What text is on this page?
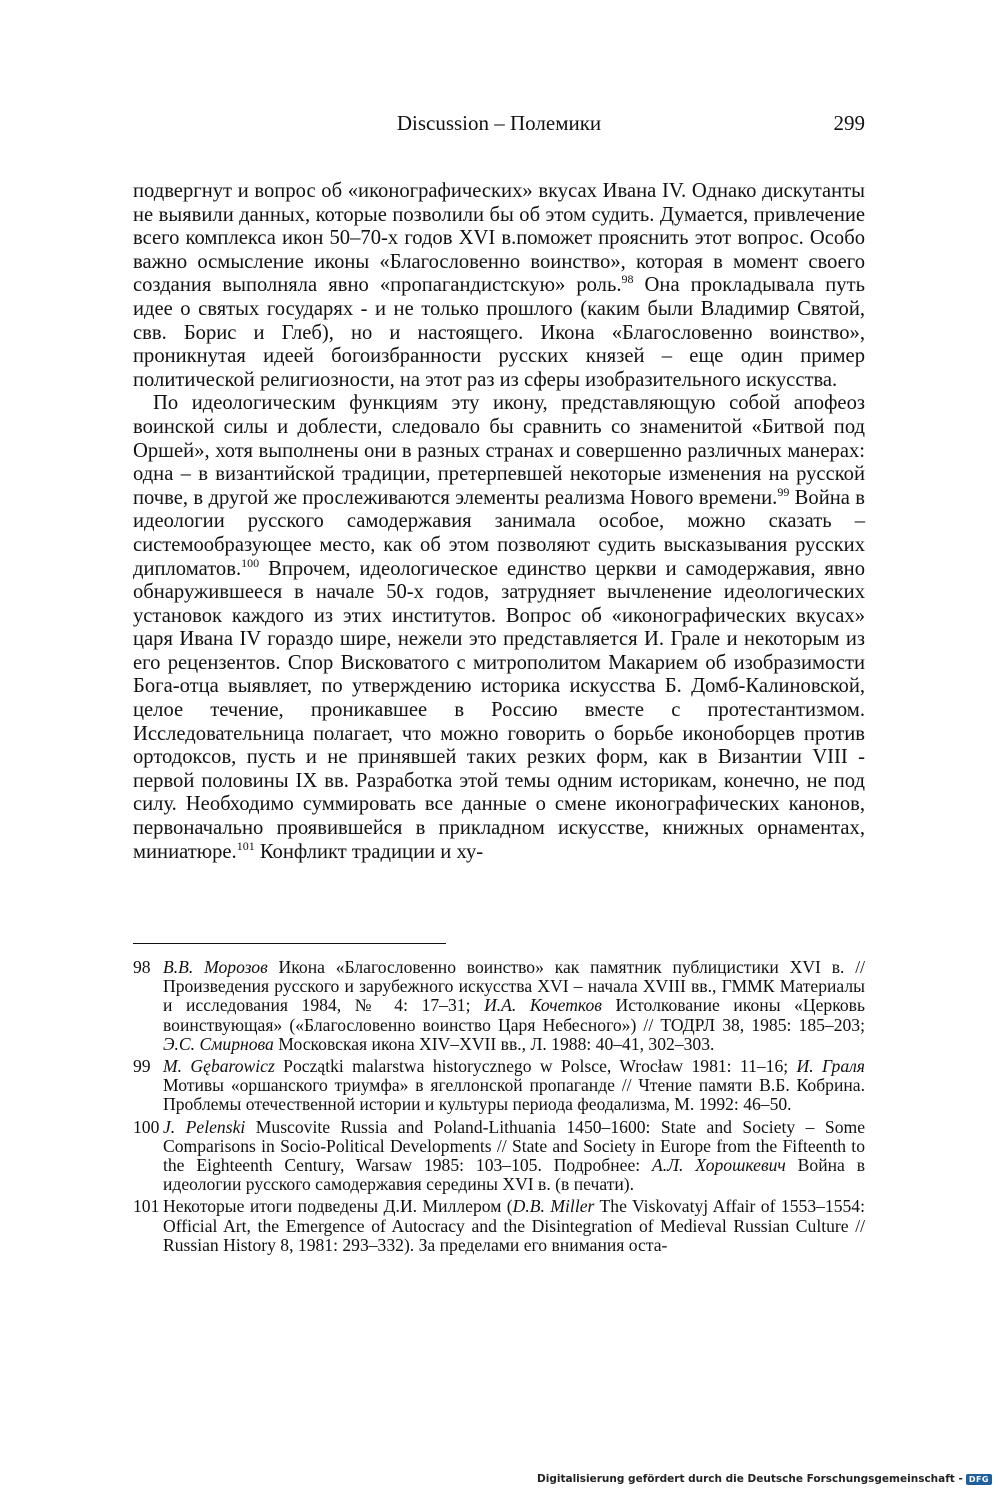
Discussion – Полемики	299

подвергнут и вопрос об «иконографических» вкусах Ивана IV. Однако дискутанты не выявили данных, которые позволили бы об этом судить. Думается, привлечение всего комплекса икон 50–70-х годов XVI в.поможет прояснить этот вопрос. Особо важно осмысление иконы «Благословенно воинство», которая в момент своего создания выполняла явно «пропагандистскую» роль.$^{98}$ Она прокладывала путь идее о святых государях - и не только прошлого (каким были Владимир Святой, свв. Борис и Глеб), но и настоящего. Икона «Благословенно воинство», проникнутая идеей богоизбранности русских князей – еще один пример политической религиозности, на этот раз из сферы изобразительного искусства.

По идеологическим функциям эту икону, представляющую собой апофеоз воинской силы и доблести, следовало бы сравнить со знаменитой «Битвой под Оршей», хотя выполнены они в разных странах и совершенно различных манерах: одна – в византийской традиции, претерпевшей некоторые изменения на русской почве, в другой же прослеживаются элементы реализма Нового времени.$^{99}$ Война в идеологии русского самодержавия занимала особое, можно сказать – системообразующее место, как об этом позволяют судить высказывания русских дипломатов.$^{100}$ Впрочем, идеологическое единство церкви и самодержавия, явно обнаружившееся в начале 50-х годов, затрудняет вычленение идеологических установок каждого из этих институтов. Вопрос об «иконографических вкусах» царя Ивана IV гораздо шире, нежели это представляется И. Грале и некоторым из его рецензентов. Спор Висковатого с митрополитом Макарием об изобразимости Бога-отца выявляет, по утверждению историка искусства Б. Домб-Калиновской, целое течение, проникавшее в Россию вместе с протестантизмом. Исследовательница полагает, что можно говорить о борьбе иконоборцев против ортодоксов, пусть и не принявшей таких резких форм, как в Византии VIII - первой половины IX вв. Разработка этой темы одним историкам, конечно, не под силу. Необходимо суммировать все данные о смене иконографических канонов, первоначально проявившейся в прикладном искусстве, книжных орнаментах, миниатюре.$^{101}$ Конфликт традиции и ху-

98 В.В. Морозов Икона «Благословенно воинство» как памятник публицистики XVI в. // Произведения русского и зарубежного искусства XVI – начала XVIII вв., ГММК Материалы и исследования 1984, № 4: 17–31; И.А. Кочетков Истолкование иконы «Церковь воинствующая» («Благословенно воинство Царя Небесного») // ТОДРЛ 38, 1985: 185–203; Э.С. Смирнова Московская икона XIV–XVII вв., Л. 1988: 40–41, 302–303.
99 M. Gębarowicz Początki malarstwa historycznego w Polsce, Wrocław 1981: 11–16; И. Граля Мотивы «оршанского триумфа» в ягеллонской пропаганде // Чтение памяти В.Б. Кобрина. Проблемы отечественной истории и культуры периода феодализма, М. 1992: 46–50.
100 J. Pelenski Muscovite Russia and Poland-Lithuania 1450–1600: State and Society – Some Comparisons in Socio-Political Developments // State and Society in Europe from the Fifteenth to the Eighteenth Century, Warsaw 1985: 103–105. Подробнее: А.Л. Хорошкевич Война в идеологии русского самодержавия середины XVI в. (в печати).
101 Некоторые итоги подведены Д.И. Миллером (D.B. Miller The Viskovatyj Affair of 1553–1554: Official Art, the Emergence of Autocracy and the Disintegration of Medieval Russian Culture // Russian History 8, 1981: 293–332). За пределами его внимания оста-
Digitalisierung gefördert durch die Deutsche Forschungsgemeinschaft - DFG
